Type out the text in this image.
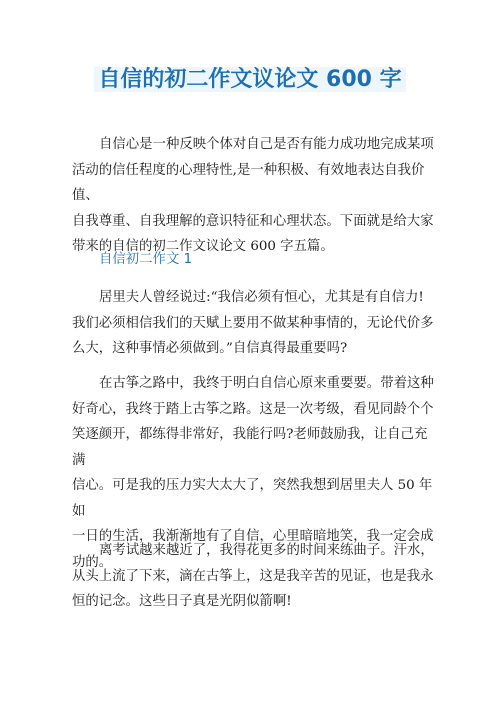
自信的初二作文议论文 600 字
自信心是一种反映个体对自己是否有能力成功地完成某项
活动的信任程度的心理特性,是一种积极、有效地表达自我价值、
自我尊重、自我理解的意识特征和心理状态。下面就是给大家
带来的自信的初二作文议论文 600 字五篇。
自信初二作文 1
居里夫人曾经说过:“我信必须有恒心，尤其是有自信力!
我们必须相信我们的天赋上要用不做某种事情的，无论代价多
么大，这种事情必须做到。”自信真得最重要吗?
在古筝之路中，我终于明白自信心原来重要要。带着这种
好奇心，我终于踏上古筝之路。这是一次考级，看见同龄个个
笑逐颜开，都练得非常好，我能行吗?老师鼓励我，让自己充满
信心。可是我的压力实大太大了，突然我想到居里夫人 50 年如
一日的生活，我渐渐地有了自信，心里暗暗地笑，我一定会成
功的。
离考试越来越近了，我得花更多的时间来练曲子。汗水，
从头上流了下来，滴在古筝上，这是我辛苦的见证，也是我永
恒的记念。这些日子真是光阴似箭啊!
